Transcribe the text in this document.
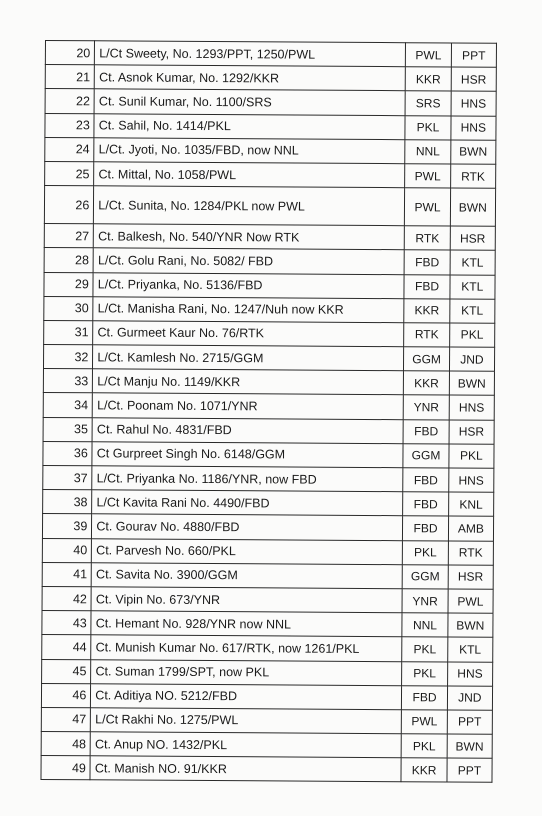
20	L/Ct Sweety, No. 1293/PPT, 1250/PWL	PWL	PPT
21	Ct. Asnok Kumar, No. 1292/KKR	KKR	HSR
22	Ct. Sunil Kumar, No. 1100/SRS	SRS	HNS
23	Ct. Sahil, No. 1414/PKL	PKL	HNS
24	L/Ct. Jyoti, No. 1035/FBD, now NNL	NNL	BWN
25	Ct. Mittal, No. 1058/PWL	PWL	RTK
26	L/Ct. Sunita, No. 1284/PKL now PWL	PWL	BWN
27	Ct. Balkesh, No. 540/YNR Now RTK	RTK	HSR
28	L/Ct. Golu Rani, No. 5082/ FBD	FBD	KTL
29	L/Ct. Priyanka, No. 5136/FBD	FBD	KTL
30	L/Ct. Manisha Rani, No. 1247/Nuh now KKR	KKR	KTL
31	Ct. Gurmeet Kaur No. 76/RTK	RTK	PKL
32	L/Ct. Kamlesh No. 2715/GGM	GGM	JND
33	L/Ct Manju No. 1149/KKR	KKR	BWN
34	L/Ct. Poonam No. 1071/YNR	YNR	HNS
35	Ct. Rahul No. 4831/FBD	FBD	HSR
36	Ct Gurpreet Singh No. 6148/GGM	GGM	PKL
37	L/Ct. Priyanka No. 1186/YNR, now FBD	FBD	HNS
38	L/Ct Kavita Rani No. 4490/FBD	FBD	KNL
39	Ct. Gourav No. 4880/FBD	FBD	AMB
40	Ct. Parvesh No. 660/PKL	PKL	RTK
41	Ct. Savita No. 3900/GGM	GGM	HSR
42	Ct. Vipin No. 673/YNR	YNR	PWL
43	Ct. Hemant No. 928/YNR now NNL	NNL	BWN
44	Ct. Munish Kumar No. 617/RTK, now 1261/PKL	PKL	KTL
45	Ct. Suman 1799/SPT, now PKL	PKL	HNS
46	Ct. Aditiya NO. 5212/FBD	FBD	JND
47	L/Ct Rakhi No. 1275/PWL	PWL	PPT
48	Ct. Anup NO. 1432/PKL	PKL	BWN
49	Ct. Manish NO. 91/KKR	KKR	PPT
